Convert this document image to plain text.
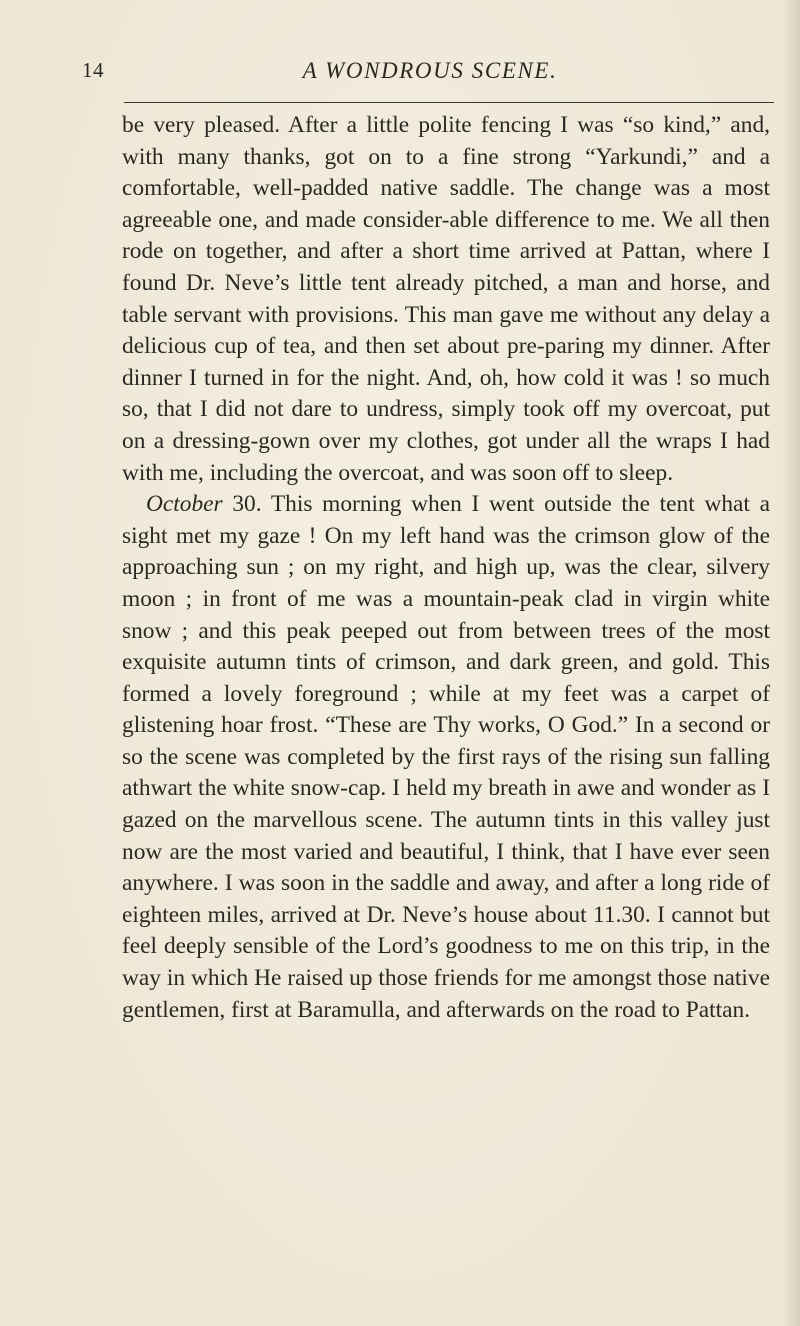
14	A WONDROUS SCENE.

be very pleased. After a little polite fencing I was “so kind,” and, with many thanks, got on to a fine strong “Yarkundi,” and a comfortable, well-padded native saddle. The change was a most agreeable one, and made consider-able difference to me. We all then rode on together, and after a short time arrived at Pattan, where I found Dr. Neve’s little tent already pitched, a man and horse, and table servant with provisions. This man gave me without any delay a delicious cup of tea, and then set about pre-paring my dinner. After dinner I turned in for the night. And, oh, how cold it was ! so much so, that I did not dare to undress, simply took off my overcoat, put on a dressing-gown over my clothes, got under all the wraps I had with me, including the overcoat, and was soon off to sleep.

October 30. This morning when I went outside the tent what a sight met my gaze ! On my left hand was the crimson glow of the approaching sun ; on my right, and high up, was the clear, silvery moon ; in front of me was a mountain-peak clad in virgin white snow ; and this peak peeped out from between trees of the most exquisite autumn tints of crimson, and dark green, and gold. This formed a lovely foreground ; while at my feet was a carpet of glistening hoar frost. “These are Thy works, O God.” In a second or so the scene was completed by the first rays of the rising sun falling athwart the white snow-cap. I held my breath in awe and wonder as I gazed on the marvellous scene. The autumn tints in this valley just now are the most varied and beautiful, I think, that I have ever seen anywhere. I was soon in the saddle and away, and after a long ride of eighteen miles, arrived at Dr. Neve’s house about 11.30. I cannot but feel deeply sensible of the Lord’s goodness to me on this trip, in the way in which He raised up those friends for me amongst those native gentlemen, first at Baramulla, and afterwards on the road to Pattan.
